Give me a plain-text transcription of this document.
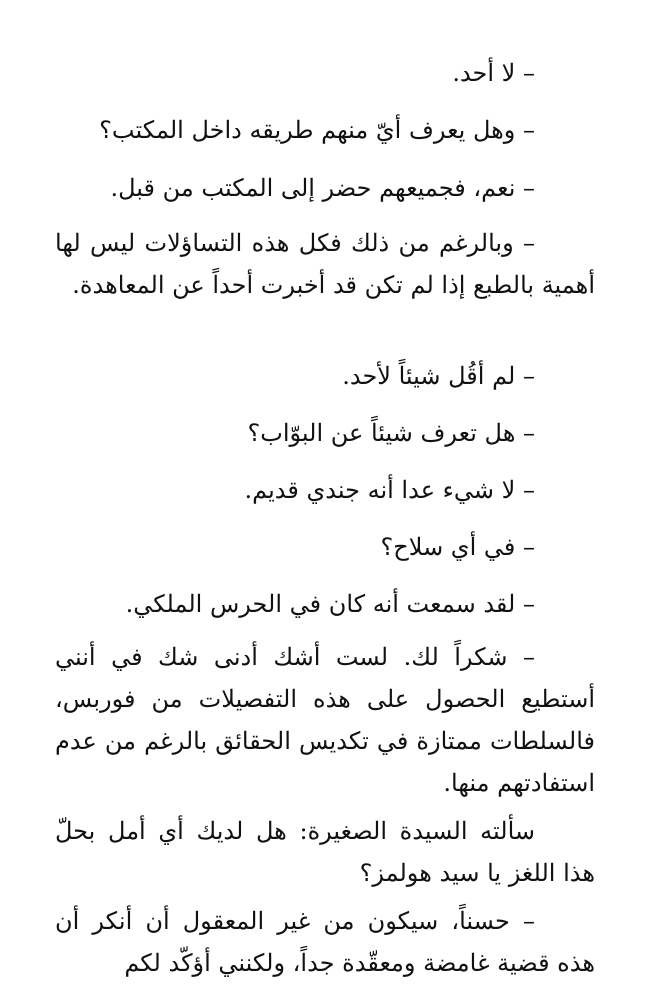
– لا أحد.

– وهل يعرف أيّ منهم طريقه داخل المكتب؟

– نعم، فجميعهم حضر إلى المكتب من قبل.

– وبالرغم من ذلك فكل هذه التساؤلات ليس لها أهمية بالطبع إذا لم تكن قد أخبرت أحداً عن المعاهدة.

– لم أقُل شيئاً لأحد.

– هل تعرف شيئاً عن البوّاب؟

– لا شيء عدا أنه جندي قديم.

– في أي سلاح؟

– لقد سمعت أنه كان في الحرس الملكي.

– شكراً لك. لست أشك أدنى شك في أنني أستطيع الحصول على هذه التفصيلات من فوربس، فالسلطات ممتازة في تكديس الحقائق بالرغم من عدم استفادتهم منها.

سألته السيدة الصغيرة: هل لديك أي أمل بحلّ هذا اللغز يا سيد هولمز؟

– حسناً، سيكون من غير المعقول أن أنكر أن هذه قضية غامضة ومعقّدة جداً، ولكنني أؤكّد لكم
